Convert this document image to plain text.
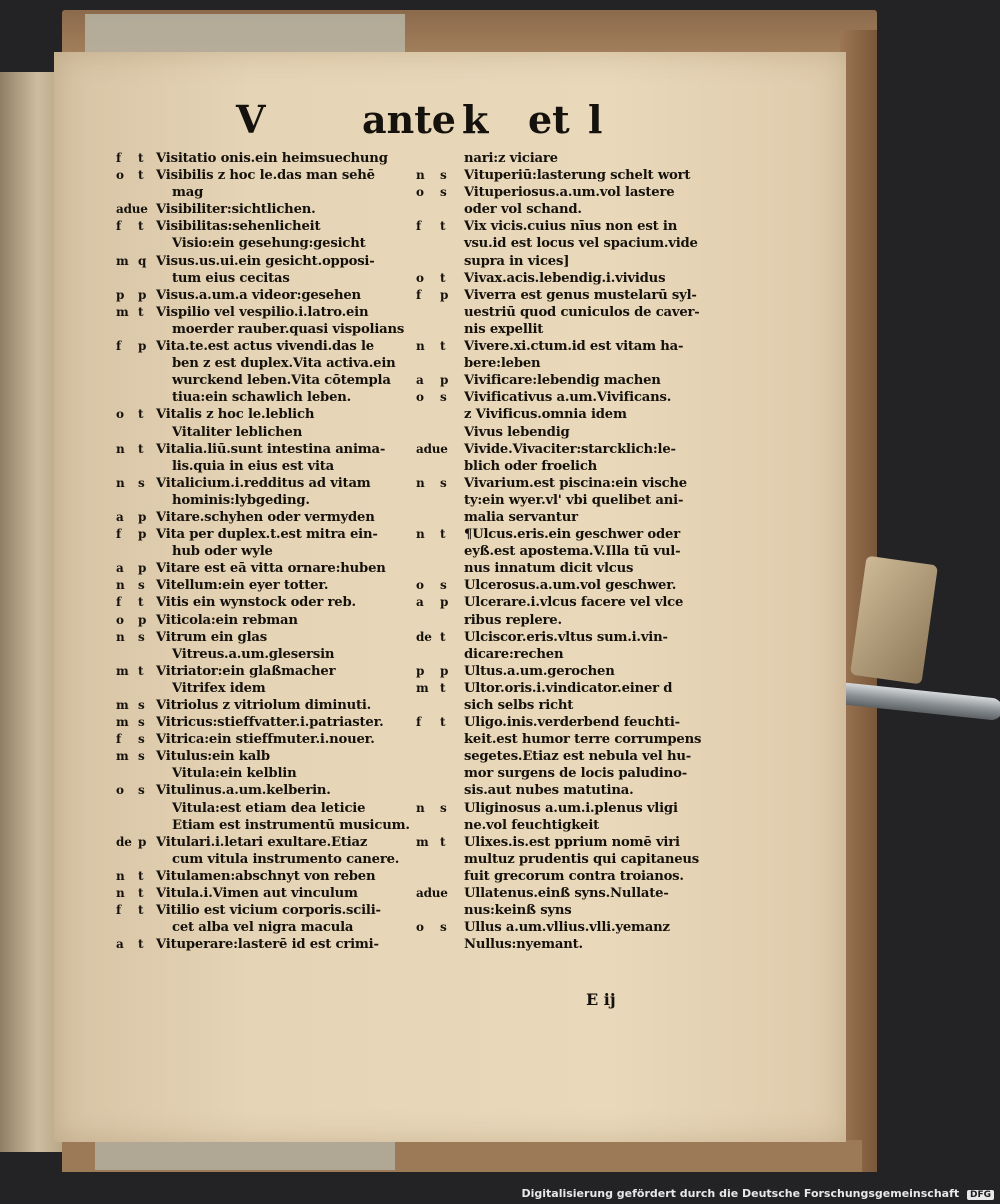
V	ante k et l
f t Visitatio onis.ein heimsuechung
o t Visibilis z hoc le.das man sehē
mag
adue Visibiliter:sichtlichen.
f t Visibilitas:sehenlicheit
Visio:ein gesehung:gesicht
m q Visus.us.ui.ein gesicht.opposi-
tum eius cecitas
p p Visus.a.um.a videor:gesehen
m t Vispilio vel vespilio.i.latro.ein
moerder rauber.quasi vispolians
f p Vita.te.est actus vivendi.das le
ben z est duplex.Vita activa.ein
wurckend leben.Vita cōtempla
tiua:ein schawlich leben.
o t Vitalis z hoc le.leblich
Vitaliter leblichen
n t Vitalia.liū.sunt intestina anima-
lis.quia in eius est vita
n s Vitalicium.i.redditus ad vitam
hominis:lybgeding.
a p Vitare.schyhen oder vermyden
f p Vita per duplex.t.est mitra ein-
hub oder wyle
a p Vitare est eā vitta ornare:huben
n s Vitellum:ein eyer totter.
f t Vitis ein wynstock oder reb.
o p Viticola:ein rebman
n s Vitrum ein glas
Vitreus.a.um.glesersin
m t Vitriator:ein glaßmacher
Vitrifex idem
m s Vitriolus z vitriolum diminuti.
m s Vitricus:stieffvatter.i.patriaster.
f s Vitrica:ein stieffmuter.i.nouer.
m s Vitulus:ein kalb
Vitula:ein kelblin
o s Vitulinus.a.um.kelberin.
Vitula:est etiam dea leticie
Etiam est instrumentū musicum.
de p Vitulari.i.letari exultare.Etiaz
cum vitula instrumento canere.
n t Vitulamen:abschnyt von reben
n t Vitula.i.Vimen aut vinculum
f t Vitilio est vicium corporis.scili-
cet alba vel nigra macula
a t Vituperare:lasterē id est crimi-
nari:z viciare
n s	Vituperiū:lasterung schelt wort
o s	Vituperiosus.a.um.vol lastere
oder vol schand.
f t	Vix vicis.cuius nīus non est in
vsu.id est locus vel spacium.vide
supra in vices]
o t	Vivax.acis.lebendig.i.vividus
f p	Viverra est genus mustelarū syl-
uestriū quod cuniculos de caver-
nis expellit
n t	Vivere.xi.ctum.id est vitam ha-
bere:leben
a p	Vivificare:lebendig machen
o s	Vivificativus a.um.Vivificans.
z Vivificus.omnia idem
Vivus lebendig
adue	Vivide.Vivaciter:starcklich:le-
blich oder froelich
n s	Vivarium.est piscina:ein vische
ty:ein wyer.vl' vbi quelibet ani-
malia servantur
n t	¶Ulcus.eris.ein geschwer oder
eyß.est apostema.V.Illa tū vul-
nus innatum dicit vlcus
o s	Ulcerosus.a.um.vol geschwer.
a p	Ulcerare.i.vlcus facere vel vlce
ribus replere.
de t	Ulciscor.eris.vltus sum.i.vin-
dicare:rechen
p p	Ultus.a.um.gerochen
m t	Ultor.oris.i.vindicator.einer d
sich selbs richt
f t	Uligo.inis.verderbend feuchti-
keit.est humor terre corrumpens
segetes.Etiaz est nebula vel hu-
mor surgens de locis paludino-
sis.aut nubes matutina.
n s	Uliginosus a.um.i.plenus vligi
ne.vol feuchtigkeit
m t	Ulixes.is.est pprium nomē viri
multuz prudentis qui capitaneus
fuit grecorum contra troianos.
adue	Ullatenus.einß syns.Nullate-
nus:keinß syns
o s	Ullus a.um.vllius.vlli.yemanz
Nullus:nyemant.
E ij
Digitalisierung gefördert durch die Deutsche Forschungsgemeinschaft DFG
